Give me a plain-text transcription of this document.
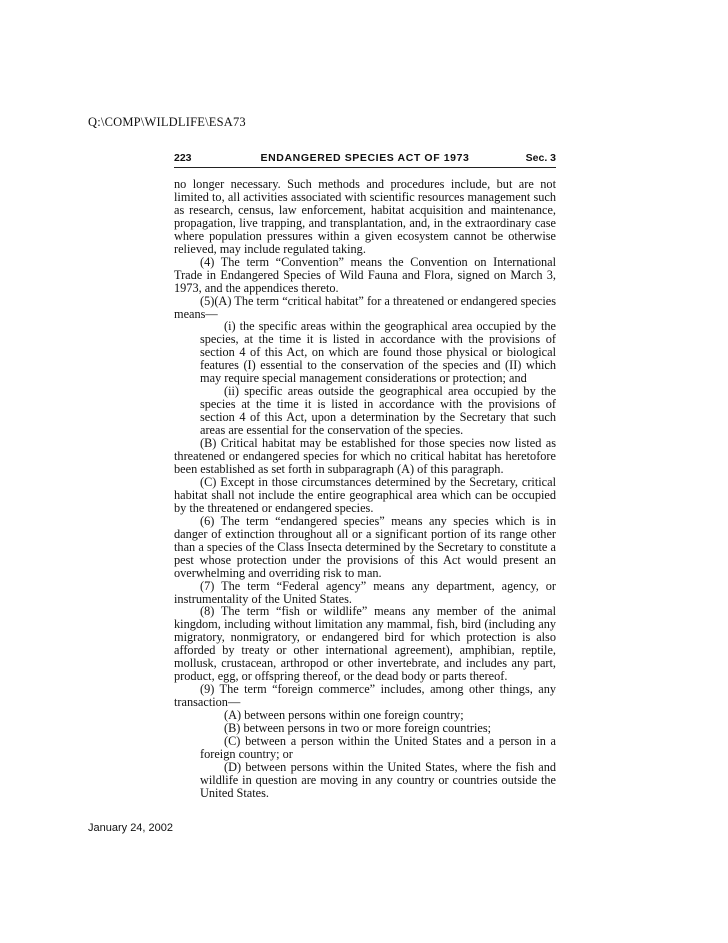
Q:\COMP\WILDLIFE\ESA73
223	ENDANGERED SPECIES ACT OF 1973	Sec. 3

no longer necessary. Such methods and procedures include, but are not limited to, all activities associated with scientific resources management such as research, census, law enforcement, habitat acquisition and maintenance, propagation, live trapping, and transplantation, and, in the extraordinary case where population pressures within a given ecosystem cannot be otherwise relieved, may include regulated taking.

(4) The term “Convention” means the Convention on International Trade in Endangered Species of Wild Fauna and Flora, signed on March 3, 1973, and the appendices thereto.

(5)(A) The term “critical habitat” for a threatened or endangered species means—

(i) the specific areas within the geographical area occupied by the species, at the time it is listed in accordance with the provisions of section 4 of this Act, on which are found those physical or biological features (I) essential to the conservation of the species and (II) which may require special management considerations or protection; and

(ii) specific areas outside the geographical area occupied by the species at the time it is listed in accordance with the provisions of section 4 of this Act, upon a determination by the Secretary that such areas are essential for the conservation of the species.

(B) Critical habitat may be established for those species now listed as threatened or endangered species for which no critical habitat has heretofore been established as set forth in subparagraph (A) of this paragraph.

(C) Except in those circumstances determined by the Secretary, critical habitat shall not include the entire geographical area which can be occupied by the threatened or endangered species.

(6) The term “endangered species” means any species which is in danger of extinction throughout all or a significant portion of its range other than a species of the Class Insecta determined by the Secretary to constitute a pest whose protection under the provisions of this Act would present an overwhelming and overriding risk to man.

(7) The term “Federal agency” means any department, agency, or instrumentality of the United States.

(8) The term “fish or wildlife” means any member of the animal kingdom, including without limitation any mammal, fish, bird (including any migratory, nonmigratory, or endangered bird for which protection is also afforded by treaty or other international agreement), amphibian, reptile, mollusk, crustacean, arthropod or other invertebrate, and includes any part, product, egg, or offspring thereof, or the dead body or parts thereof.

(9) The term “foreign commerce” includes, among other things, any transaction—

(A) between persons within one foreign country;

(B) between persons in two or more foreign countries;

(C) between a person within the United States and a person in a foreign country; or

(D) between persons within the United States, where the fish and wildlife in question are moving in any country or countries outside the United States.

January 24, 2002
